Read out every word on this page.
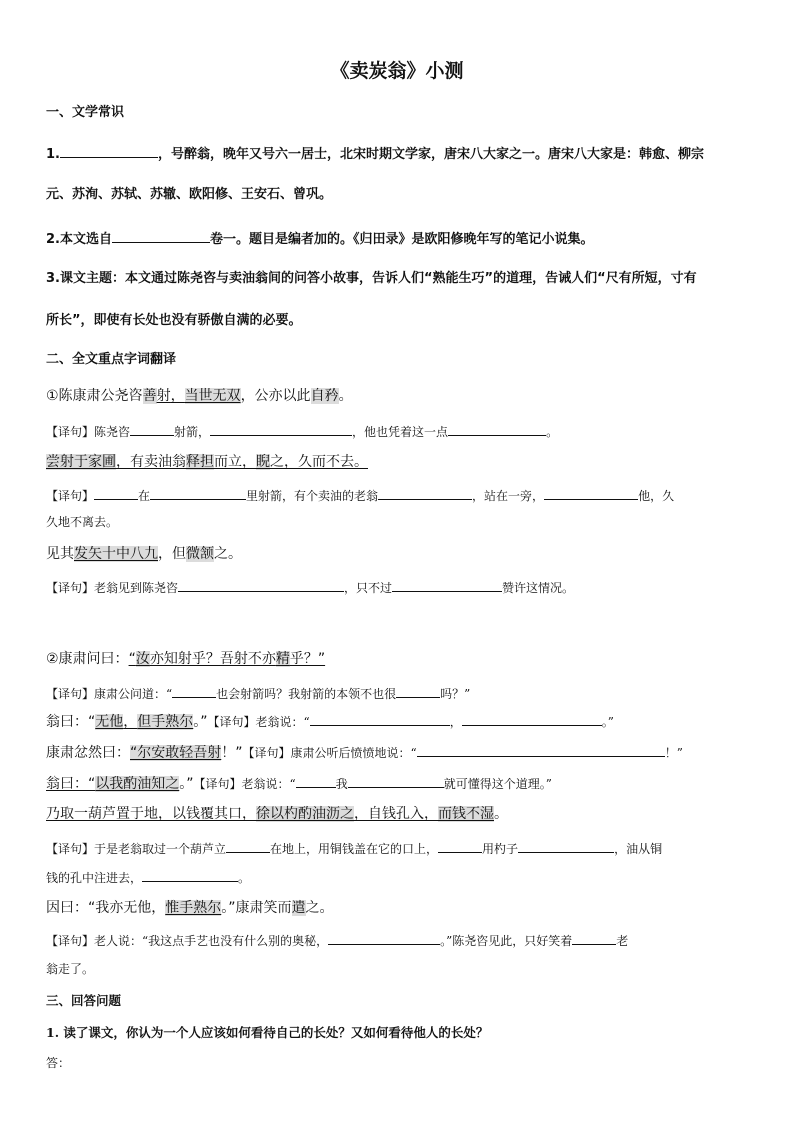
《卖炭翁》小测
一、文学常识
1.	，号醉翁，晚年又号六一居士，北宋时期文学家，唐宋八大家之一。唐宋八大家是：韩愈、柳宗
元、苏洵、苏轼、苏辙、欧阳修、王安石、曾巩。
2.本文选自	卷一。题目是编者加的。《归田录》是欧阳修晚年写的笔记小说集。
3.课文主题：本文通过陈尧咨与卖油翁间的问答小故事，告诉人们“熟能生巧”的道理，告诫人们“尺有所短，寸有
所长”，即使有长处也没有骄傲自满的必要。
二、全文重点字词翻译
①陈康肃公尧咨善射，当世无双，公亦以此自矜。
【译句】陈尧咨	射箭，	，他也凭着这一点	。
尝射于家圃，有卖油翁释担而立，睨之，久而不去。
【译句】	在	里射箭，有个卖油的老翁	，站在一旁，	他，久
久地不离去。
见其发矢十中八九，但微颔之。
【译句】老翁见到陈尧咨	，只不过	赞许这情况。
②康肃问曰：“汝亦知射乎？吾射不亦精乎？”
【译句】康肃公问道：“	也会射箭吗？我射箭的本领不也很	吗？”
翁曰：“无他，但手熟尔。”【译句】老翁说：“	，	。”
康肃忿然曰：“尔安敢轻吾射！”【译句】康肃公听后愤愤地说：“	！”
翁曰：“以我酌油知之。”【译句】老翁说：“	我	就可懂得这个道理。”
乃取一葫芦置于地，以钱覆其口，徐以杓酌油沥之，自钱孔入，而钱不湿。
【译句】于是老翁取过一个葫芦立	在地上，用铜钱盖在它的口上，	用杓子	，油从铜
钱的孔中注进去，	。
因曰：“我亦无他，惟手熟尔。”康肃笑而遣之。
【译句】老人说：“我这点手艺也没有什么别的奥秘，	。”陈尧咨见此，只好笑着	老
翁走了。
三、回答问题
1. 读了课文，你认为一个人应该如何看待自己的长处？又如何看待他人的长处？
答：
